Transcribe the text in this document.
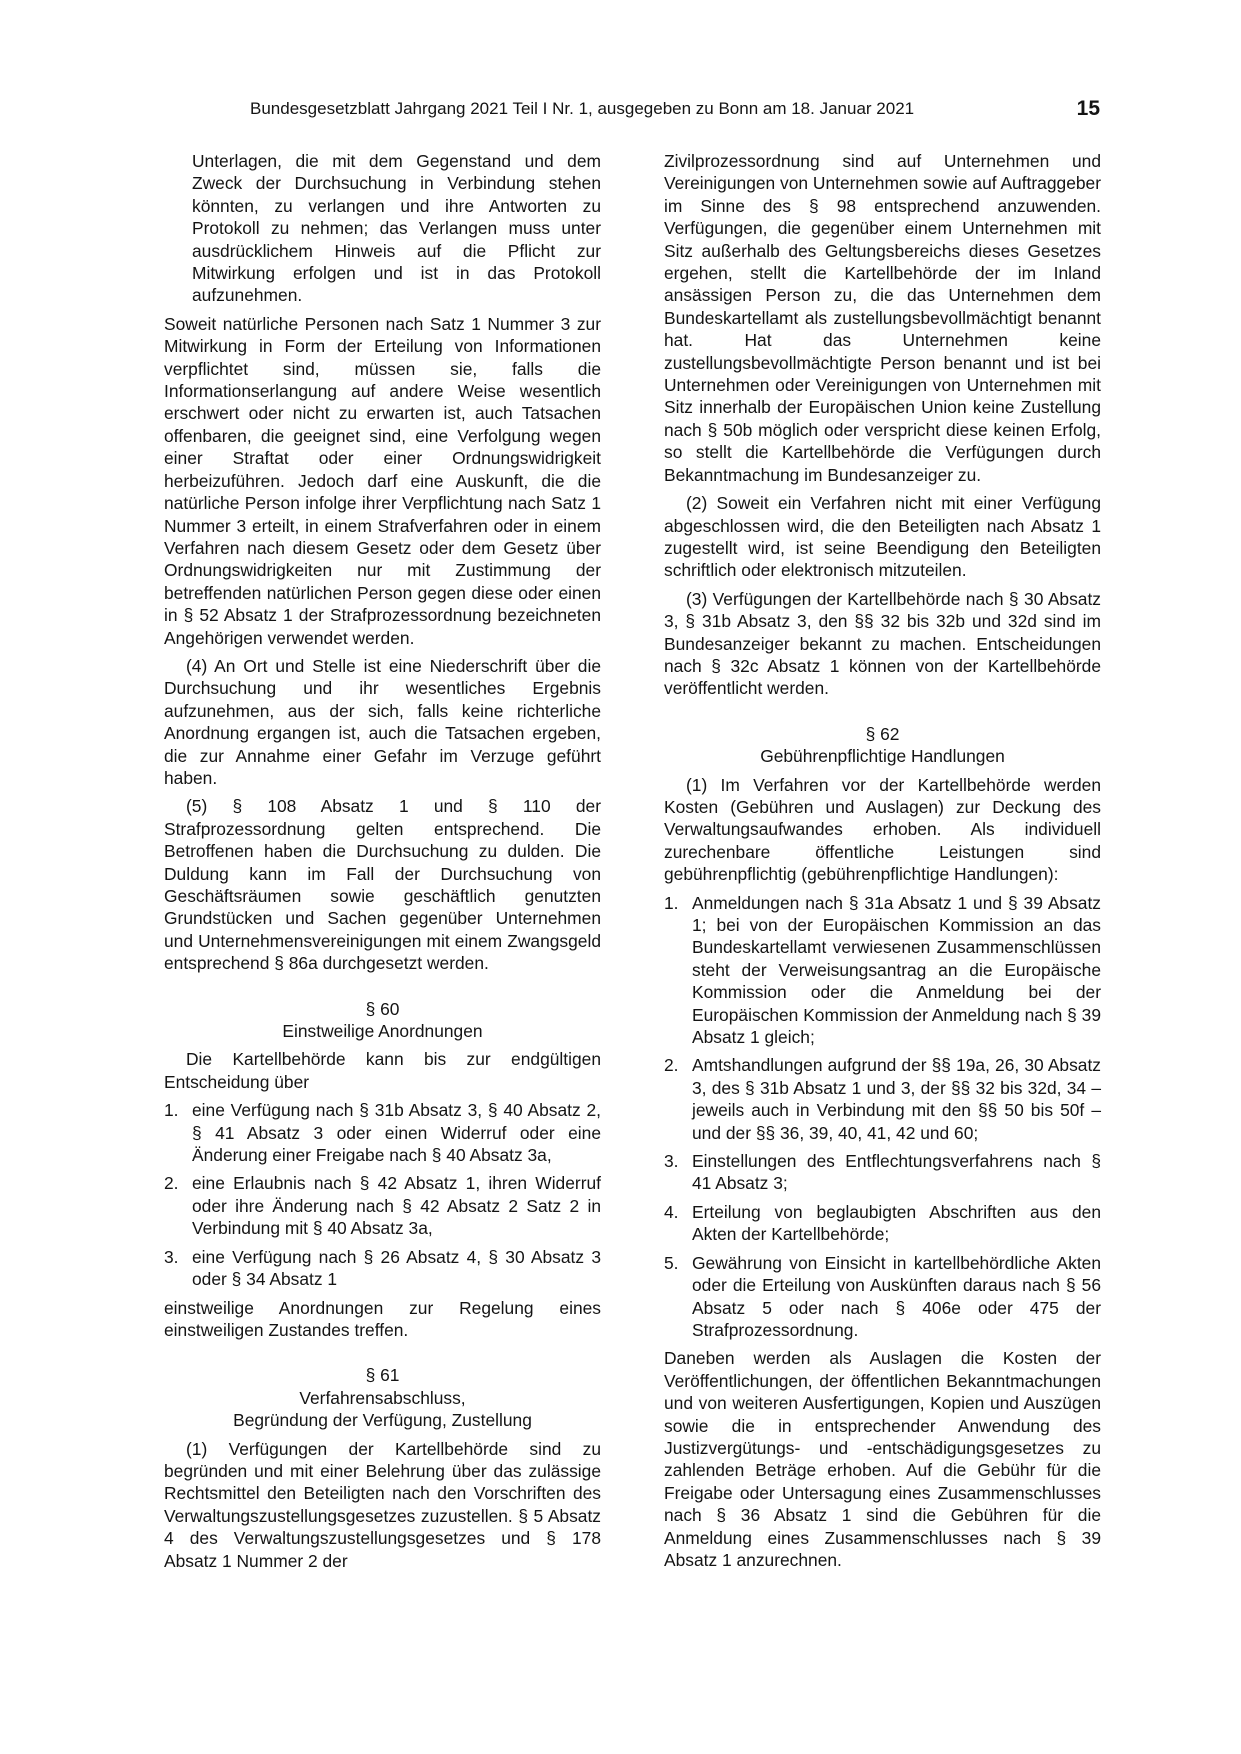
Bundesgesetzblatt Jahrgang 2021 Teil I Nr. 1, ausgegeben zu Bonn am 18. Januar 2021	15

Unterlagen, die mit dem Gegenstand und dem Zweck der Durchsuchung in Verbindung stehen könnten, zu verlangen und ihre Antworten zu Protokoll zu nehmen; das Verlangen muss unter ausdrücklichem Hinweis auf die Pflicht zur Mitwirkung erfolgen und ist in das Protokoll aufzunehmen.

Soweit natürliche Personen nach Satz 1 Nummer 3 zur Mitwirkung in Form der Erteilung von Informationen verpflichtet sind, müssen sie, falls die Informationserlangung auf andere Weise wesentlich erschwert oder nicht zu erwarten ist, auch Tatsachen offenbaren, die geeignet sind, eine Verfolgung wegen einer Straftat oder einer Ordnungswidrigkeit herbeizuführen. Jedoch darf eine Auskunft, die die natürliche Person infolge ihrer Verpflichtung nach Satz 1 Nummer 3 erteilt, in einem Strafverfahren oder in einem Verfahren nach diesem Gesetz oder dem Gesetz über Ordnungswidrigkeiten nur mit Zustimmung der betreffenden natürlichen Person gegen diese oder einen in § 52 Absatz 1 der Strafprozessordnung bezeichneten Angehörigen verwendet werden.

(4) An Ort und Stelle ist eine Niederschrift über die Durchsuchung und ihr wesentliches Ergebnis aufzunehmen, aus der sich, falls keine richterliche Anordnung ergangen ist, auch die Tatsachen ergeben, die zur Annahme einer Gefahr im Verzuge geführt haben.

(5) § 108 Absatz 1 und § 110 der Strafprozessordnung gelten entsprechend. Die Betroffenen haben die Durchsuchung zu dulden. Die Duldung kann im Fall der Durchsuchung von Geschäftsräumen sowie geschäftlich genutzten Grundstücken und Sachen gegenüber Unternehmen und Unternehmensvereinigungen mit einem Zwangsgeld entsprechend § 86a durchgesetzt werden.

§ 60
Einstweilige Anordnungen

Die Kartellbehörde kann bis zur endgültigen Entscheidung über

1. eine Verfügung nach § 31b Absatz 3, § 40 Absatz 2, § 41 Absatz 3 oder einen Widerruf oder eine Änderung einer Freigabe nach § 40 Absatz 3a,
2. eine Erlaubnis nach § 42 Absatz 1, ihren Widerruf oder ihre Änderung nach § 42 Absatz 2 Satz 2 in Verbindung mit § 40 Absatz 3a,
3. eine Verfügung nach § 26 Absatz 4, § 30 Absatz 3 oder § 34 Absatz 1

einstweilige Anordnungen zur Regelung eines einstweiligen Zustandes treffen.

§ 61
Verfahrensabschluss,
Begründung der Verfügung, Zustellung

(1) Verfügungen der Kartellbehörde sind zu begründen und mit einer Belehrung über das zulässige Rechtsmittel den Beteiligten nach den Vorschriften des Verwaltungszustellungsgesetzes zuzustellen. § 5 Absatz 4 des Verwaltungszustellungsgesetzes und § 178 Absatz 1 Nummer 2 der

Zivilprozessordnung sind auf Unternehmen und Vereinigungen von Unternehmen sowie auf Auftraggeber im Sinne des § 98 entsprechend anzuwenden. Verfügungen, die gegenüber einem Unternehmen mit Sitz außerhalb des Geltungsbereichs dieses Gesetzes ergehen, stellt die Kartellbehörde der im Inland ansässigen Person zu, die das Unternehmen dem Bundeskartellamt als zustellungsbevollmächtigt benannt hat. Hat das Unternehmen keine zustellungsbevollmächtigte Person benannt und ist bei Unternehmen oder Vereinigungen von Unternehmen mit Sitz innerhalb der Europäischen Union keine Zustellung nach § 50b möglich oder verspricht diese keinen Erfolg, so stellt die Kartellbehörde die Verfügungen durch Bekanntmachung im Bundesanzeiger zu.

(2) Soweit ein Verfahren nicht mit einer Verfügung abgeschlossen wird, die den Beteiligten nach Absatz 1 zugestellt wird, ist seine Beendigung den Beteiligten schriftlich oder elektronisch mitzuteilen.

(3) Verfügungen der Kartellbehörde nach § 30 Absatz 3, § 31b Absatz 3, den §§ 32 bis 32b und 32d sind im Bundesanzeiger bekannt zu machen. Entscheidungen nach § 32c Absatz 1 können von der Kartellbehörde veröffentlicht werden.

§ 62
Gebührenpflichtige Handlungen

(1) Im Verfahren vor der Kartellbehörde werden Kosten (Gebühren und Auslagen) zur Deckung des Verwaltungsaufwandes erhoben. Als individuell zurechenbare öffentliche Leistungen sind gebührenpflichtig (gebührenpflichtige Handlungen):

1. Anmeldungen nach § 31a Absatz 1 und § 39 Absatz 1; bei von der Europäischen Kommission an das Bundeskartellamt verwiesenen Zusammenschlüssen steht der Verweisungsantrag an die Europäische Kommission oder die Anmeldung bei der Europäischen Kommission der Anmeldung nach § 39 Absatz 1 gleich;
2. Amtshandlungen aufgrund der §§ 19a, 26, 30 Absatz 3, des § 31b Absatz 1 und 3, der §§ 32 bis 32d, 34 – jeweils auch in Verbindung mit den §§ 50 bis 50f – und der §§ 36, 39, 40, 41, 42 und 60;
3. Einstellungen des Entflechtungsverfahrens nach § 41 Absatz 3;
4. Erteilung von beglaubigten Abschriften aus den Akten der Kartellbehörde;
5. Gewährung von Einsicht in kartellbehördliche Akten oder die Erteilung von Auskünften daraus nach § 56 Absatz 5 oder nach § 406e oder 475 der Strafprozessordnung.

Daneben werden als Auslagen die Kosten der Veröffentlichungen, der öffentlichen Bekanntmachungen und von weiteren Ausfertigungen, Kopien und Auszügen sowie die in entsprechender Anwendung des Justizvergütungs- und -entschädigungsgesetzes zu zahlenden Beträge erhoben. Auf die Gebühr für die Freigabe oder Untersagung eines Zusammenschlusses nach § 36 Absatz 1 sind die Gebühren für die Anmeldung eines Zusammenschlusses nach § 39 Absatz 1 anzurechnen.
